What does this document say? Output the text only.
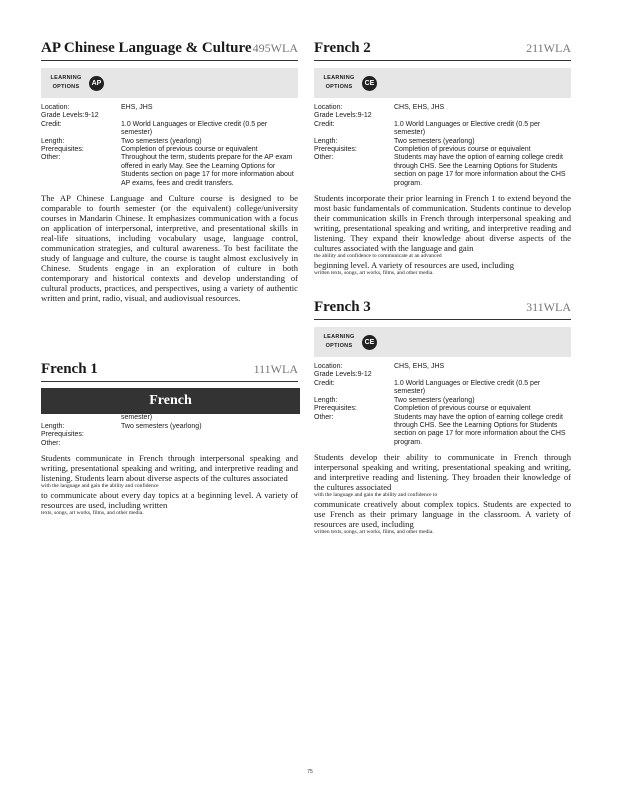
AP Chinese Language & Culture 495WLA
LEARNING
OPTIONS
AP
Location:	EHS, JHS
Grade Levels:9-12
Credit:	1.0 World Languages or Elective credit (0.5 per semester)
Length:	Two semesters (yearlong)
Prerequisites:	Completion of previous course or equivalent
Other:	Throughout the term, students prepare for the AP exam offered in early May. See the Learning Options for Students section on page 17 for more information about AP exams, fees and credit transfers.
The AP Chinese Language and Culture course is designed to be comparable to fourth semester (or the equivalent) college/university courses in Mandarin Chinese. It emphasizes communication with a focus on application of interpersonal, interpretive, and presentational skills in real-life situations, including vocabulary usage, language control, communication strategies, and cultural awareness. To best facilitate the study of language and culture, the course is taught almost exclusively in Chinese. Students engage in an exploration of culture in both contemporary and historical contexts and develop understanding of cultural products, practices, and perspectives, using a variety of authentic written and print, radio, visual, and audiovisual resources.
French 1	111WLA
semester)
Length:	Two semesters (yearlong)
Prerequisites:
Other:
Students communicate in French through interpersonal speaking and writing, presentational speaking and writing, and interpretive reading and listening. Students learn about diverse aspects of the cultures associated
with the language and gain the ability and confidence
to communicate about every day topics at a beginning level. A variety of resources are used, including written
texts, songs, art works, films, and other media.
French
French 2	211WLA
LEARNING
OPTIONS
CE
Location:	CHS, EHS, JHS
Grade Levels:9-12
Credit:	1.0 World Languages or Elective credit (0.5 per semester)
Length:	Two semesters (yearlong)
Prerequisites:	Completion of previous course or equivalent
Other:	Students may have the option of earning college credit through CHS. See the Learning Options for Students section on page 17 for more information about the CHS program.
Students incorporate their prior learning in French 1 to extend beyond the most basic fundamentals of communication. Students continue to develop their communication skills in French through interpersonal speaking and writing, presentational speaking and writing, and interpretive reading and listening. They expand their knowledge about diverse aspects of the cultures associated with the language and gain
the ability and confidence to communicate at an advanced
beginning level. A variety of resources are used, including
written texts, songs, art works, films, and other media.
French 3	311WLA
LEARNING
OPTIONS
CE
Location:	CHS, EHS, JHS
Grade Levels:9-12
Credit:	1.0 World Languages or Elective credit (0.5 per semester)
Length:	Two semesters (yearlong)
Prerequisites:	Completion of previous course or equivalent
Other:	Students may have the option of earning college credit through CHS. See the Learning Options for Students section on page 17 for more information about the CHS program.
Students develop their ability to communicate in French through interpersonal speaking and writing, presentational speaking and writing, and interpretive reading and listening. They broaden their knowledge of the cultures associated
with the language and gain the ability and confidence to
communicate creatively about complex topics. Students are expected to use French as their primary language in the classroom. A variety of resources are used, including
written texts, songs, art works, films, and other media.
75
